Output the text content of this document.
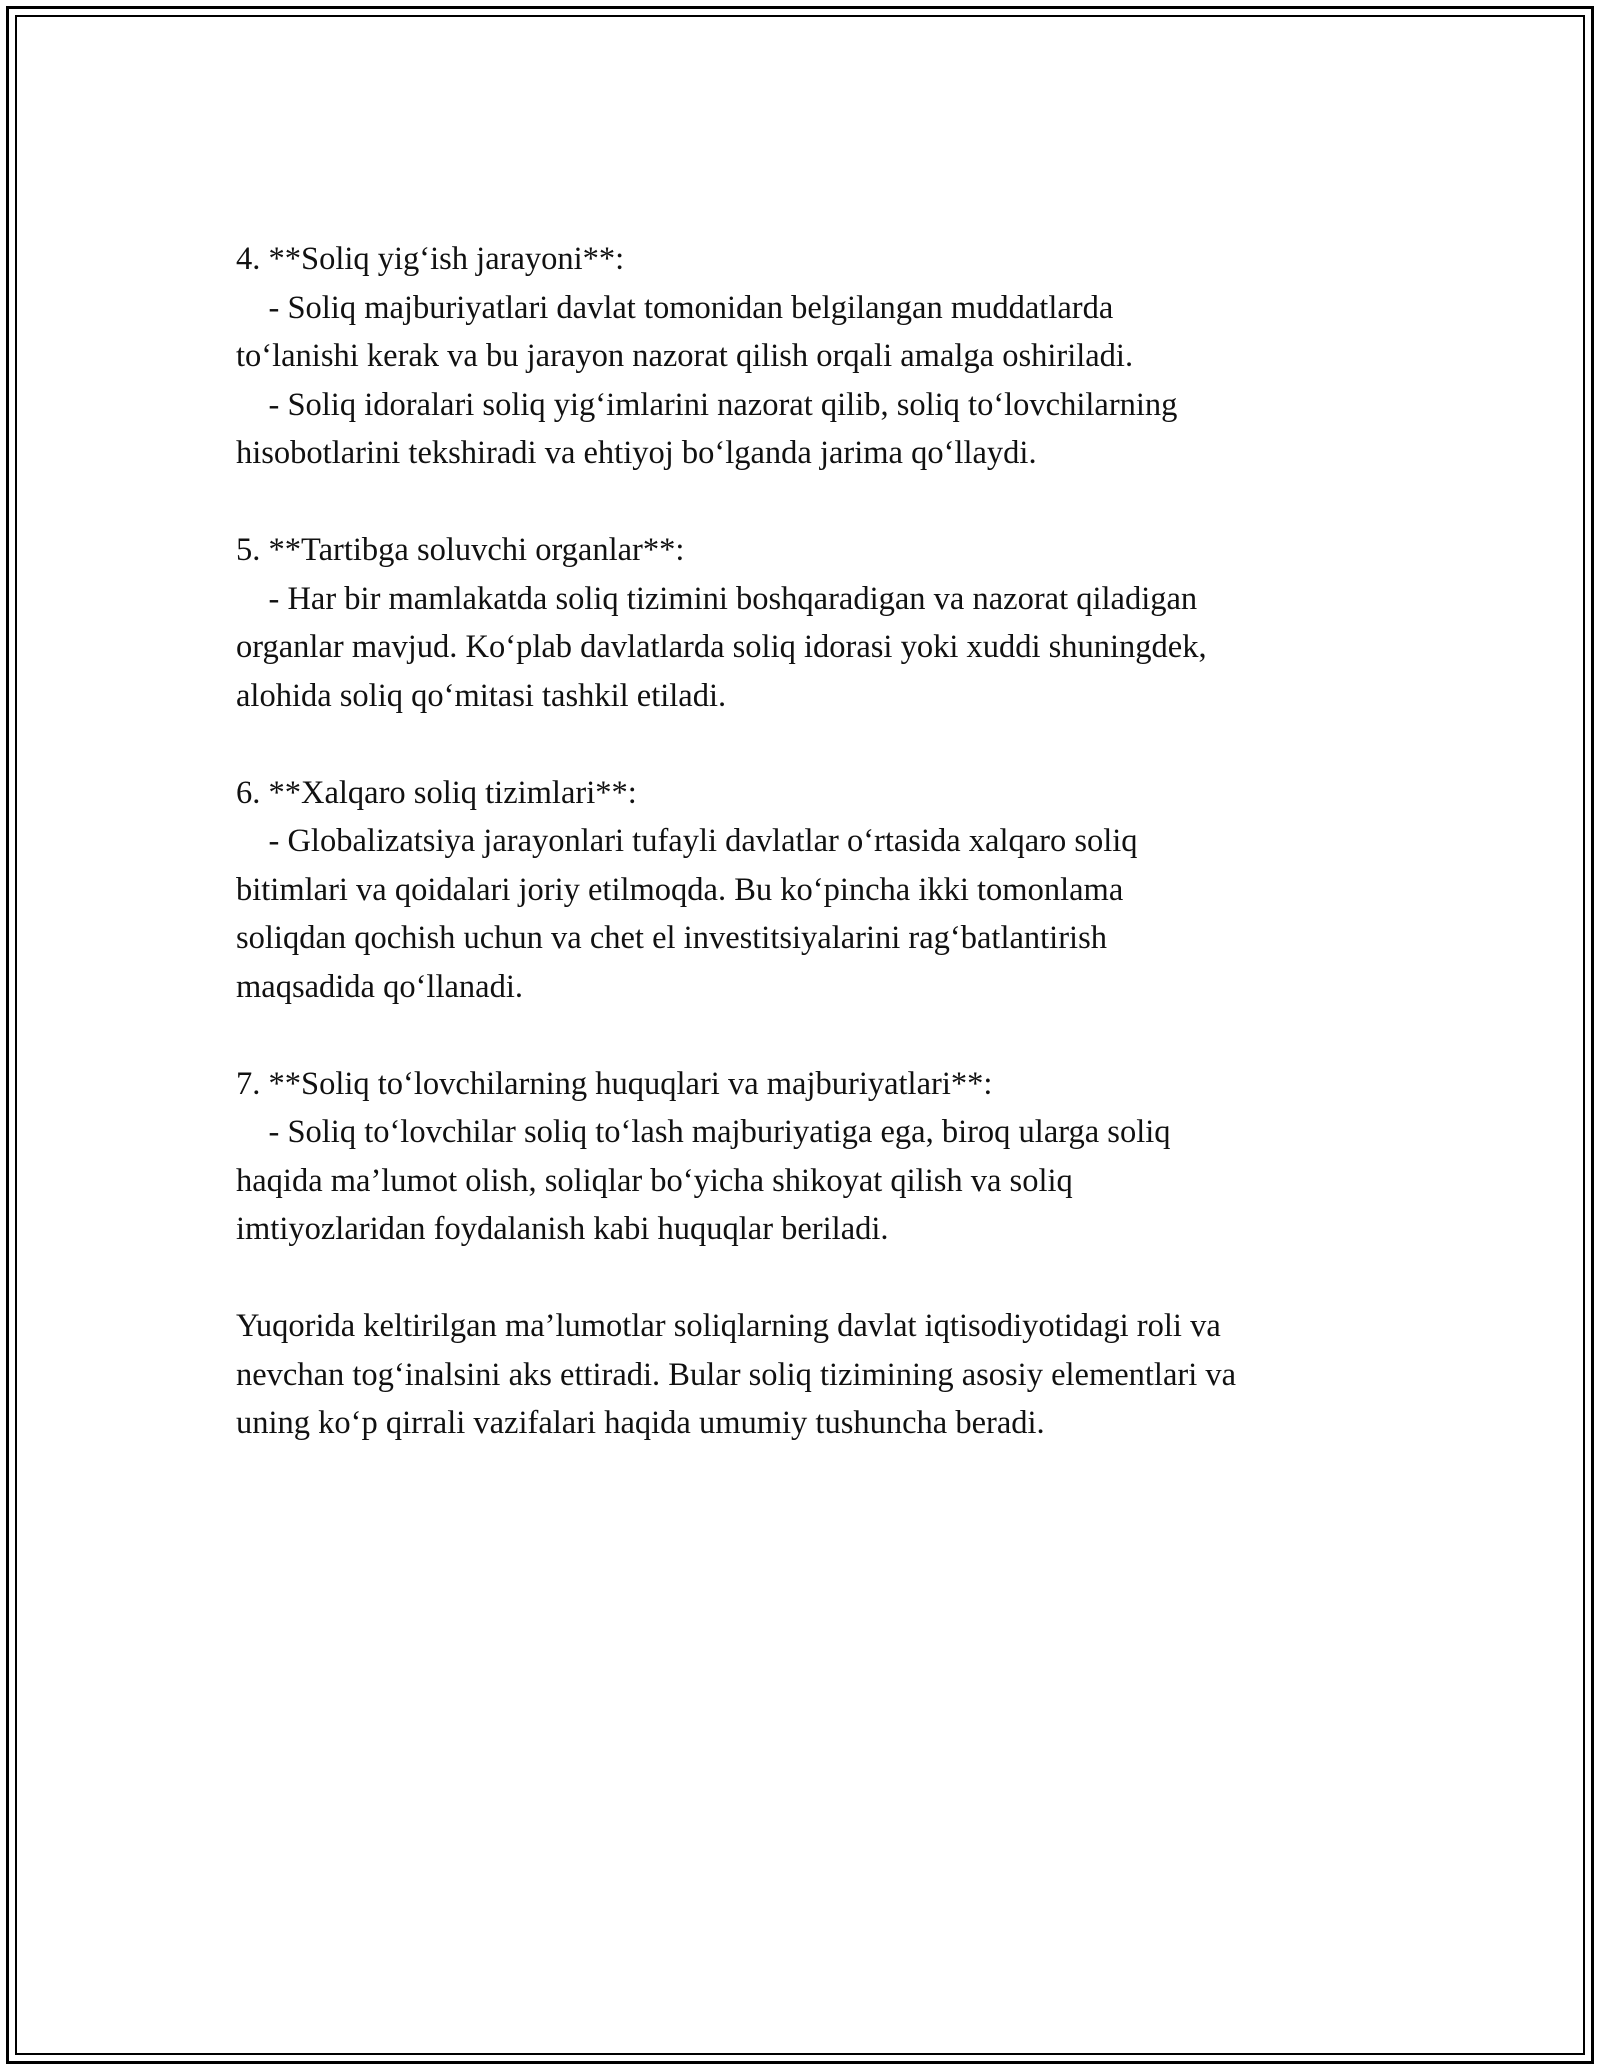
4. **Soliq yig‘ish jarayoni**:

- Soliq majburiyatlari davlat tomonidan belgilangan muddatlarda

to‘lanishi kerak va bu jarayon nazorat qilish orqali amalga oshiriladi.

- Soliq idoralari soliq yig‘imlarini nazorat qilib, soliq to‘lovchilarning

hisobotlarini tekshiradi va ehtiyoj bo‘lganda jarima qo‘llaydi.

5. **Tartibga soluvchi organlar**:

- Har bir mamlakatda soliq tizimini boshqaradigan va nazorat qiladigan

organlar mavjud. Ko‘plab davlatlarda soliq idorasi yoki xuddi shuningdek,

alohida soliq qo‘mitasi tashkil etiladi.

6. **Xalqaro soliq tizimlari**:

- Globalizatsiya jarayonlari tufayli davlatlar o‘rtasida xalqaro soliq

bitimlari va qoidalari joriy etilmoqda. Bu ko‘pincha ikki tomonlama

soliqdan qochish uchun va chet el investitsiyalarini rag‘batlantirish

maqsadida qo‘llanadi.

7. **Soliq to‘lovchilarning huquqlari va majburiyatlari**:

- Soliq to‘lovchilar soliq to‘lash majburiyatiga ega, biroq ularga soliq

haqida ma’lumot olish, soliqlar bo‘yicha shikoyat qilish va soliq

imtiyozlaridan foydalanish kabi huquqlar beriladi.

Yuqorida keltirilgan ma’lumotlar soliqlarning davlat iqtisodiyotidagi roli va

nevchan tog‘inalsini aks ettiradi. Bular soliq tizimining asosiy elementlari va

uning ko‘p qirrali vazifalari haqida umumiy tushuncha beradi.
